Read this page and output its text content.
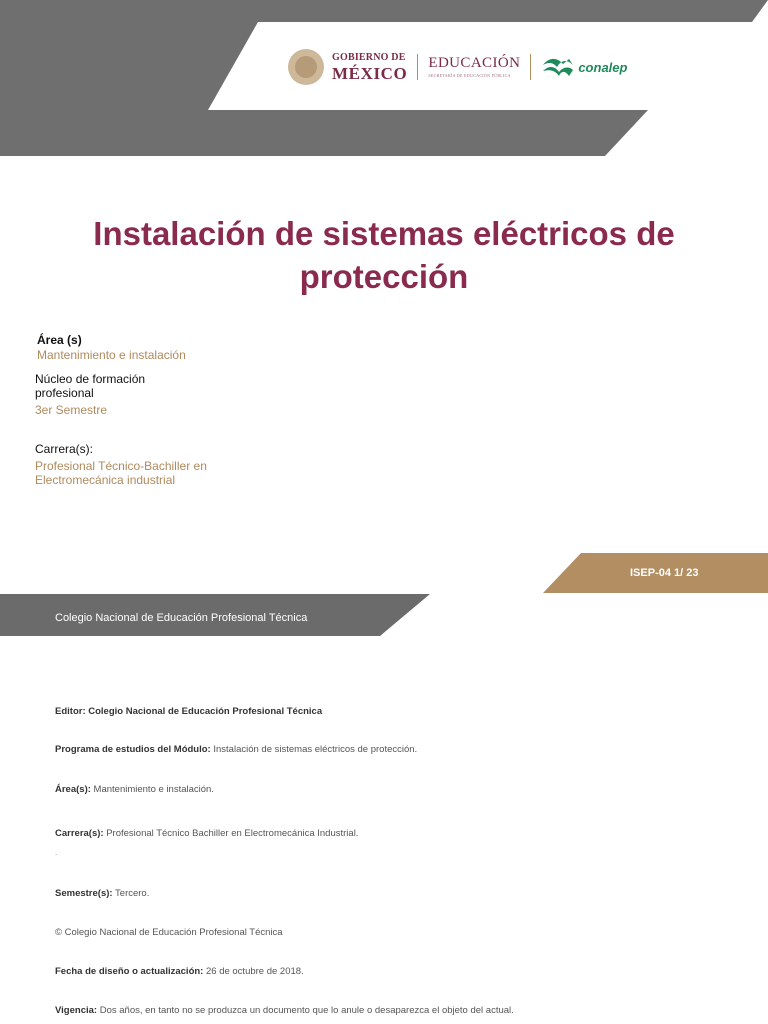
GOBIERNO DE
MÉXICO
EDUCACIÓN
SECRETARÍA DE EDUCACIÓN PÚBLICA
conalep
Instalación de sistemas eléctricos de protección
Área (s)
Mantenimiento e instalación
Núcleo de formación profesional
3er Semestre
Carrera(s):
Profesional Técnico-Bachiller en Electromecánica industrial
ISEP-04 1/ 23
Colegio Nacional de Educación Profesional Técnica
Editor: Colegio Nacional de Educación Profesional Técnica
Programa de estudios del Módulo: Instalación de sistemas eléctricos de protección.
Área(s): Mantenimiento e instalación.
Carrera(s): Profesional Técnico Bachiller en Electromecánica Industrial.
.
Semestre(s): Tercero.
© Colegio Nacional de Educación Profesional Técnica
Fecha de diseño o actualización: 26 de octubre de 2018.
Vigencia: Dos años, en tanto no se produzca un documento que lo anule o desaparezca el objeto del actual.
